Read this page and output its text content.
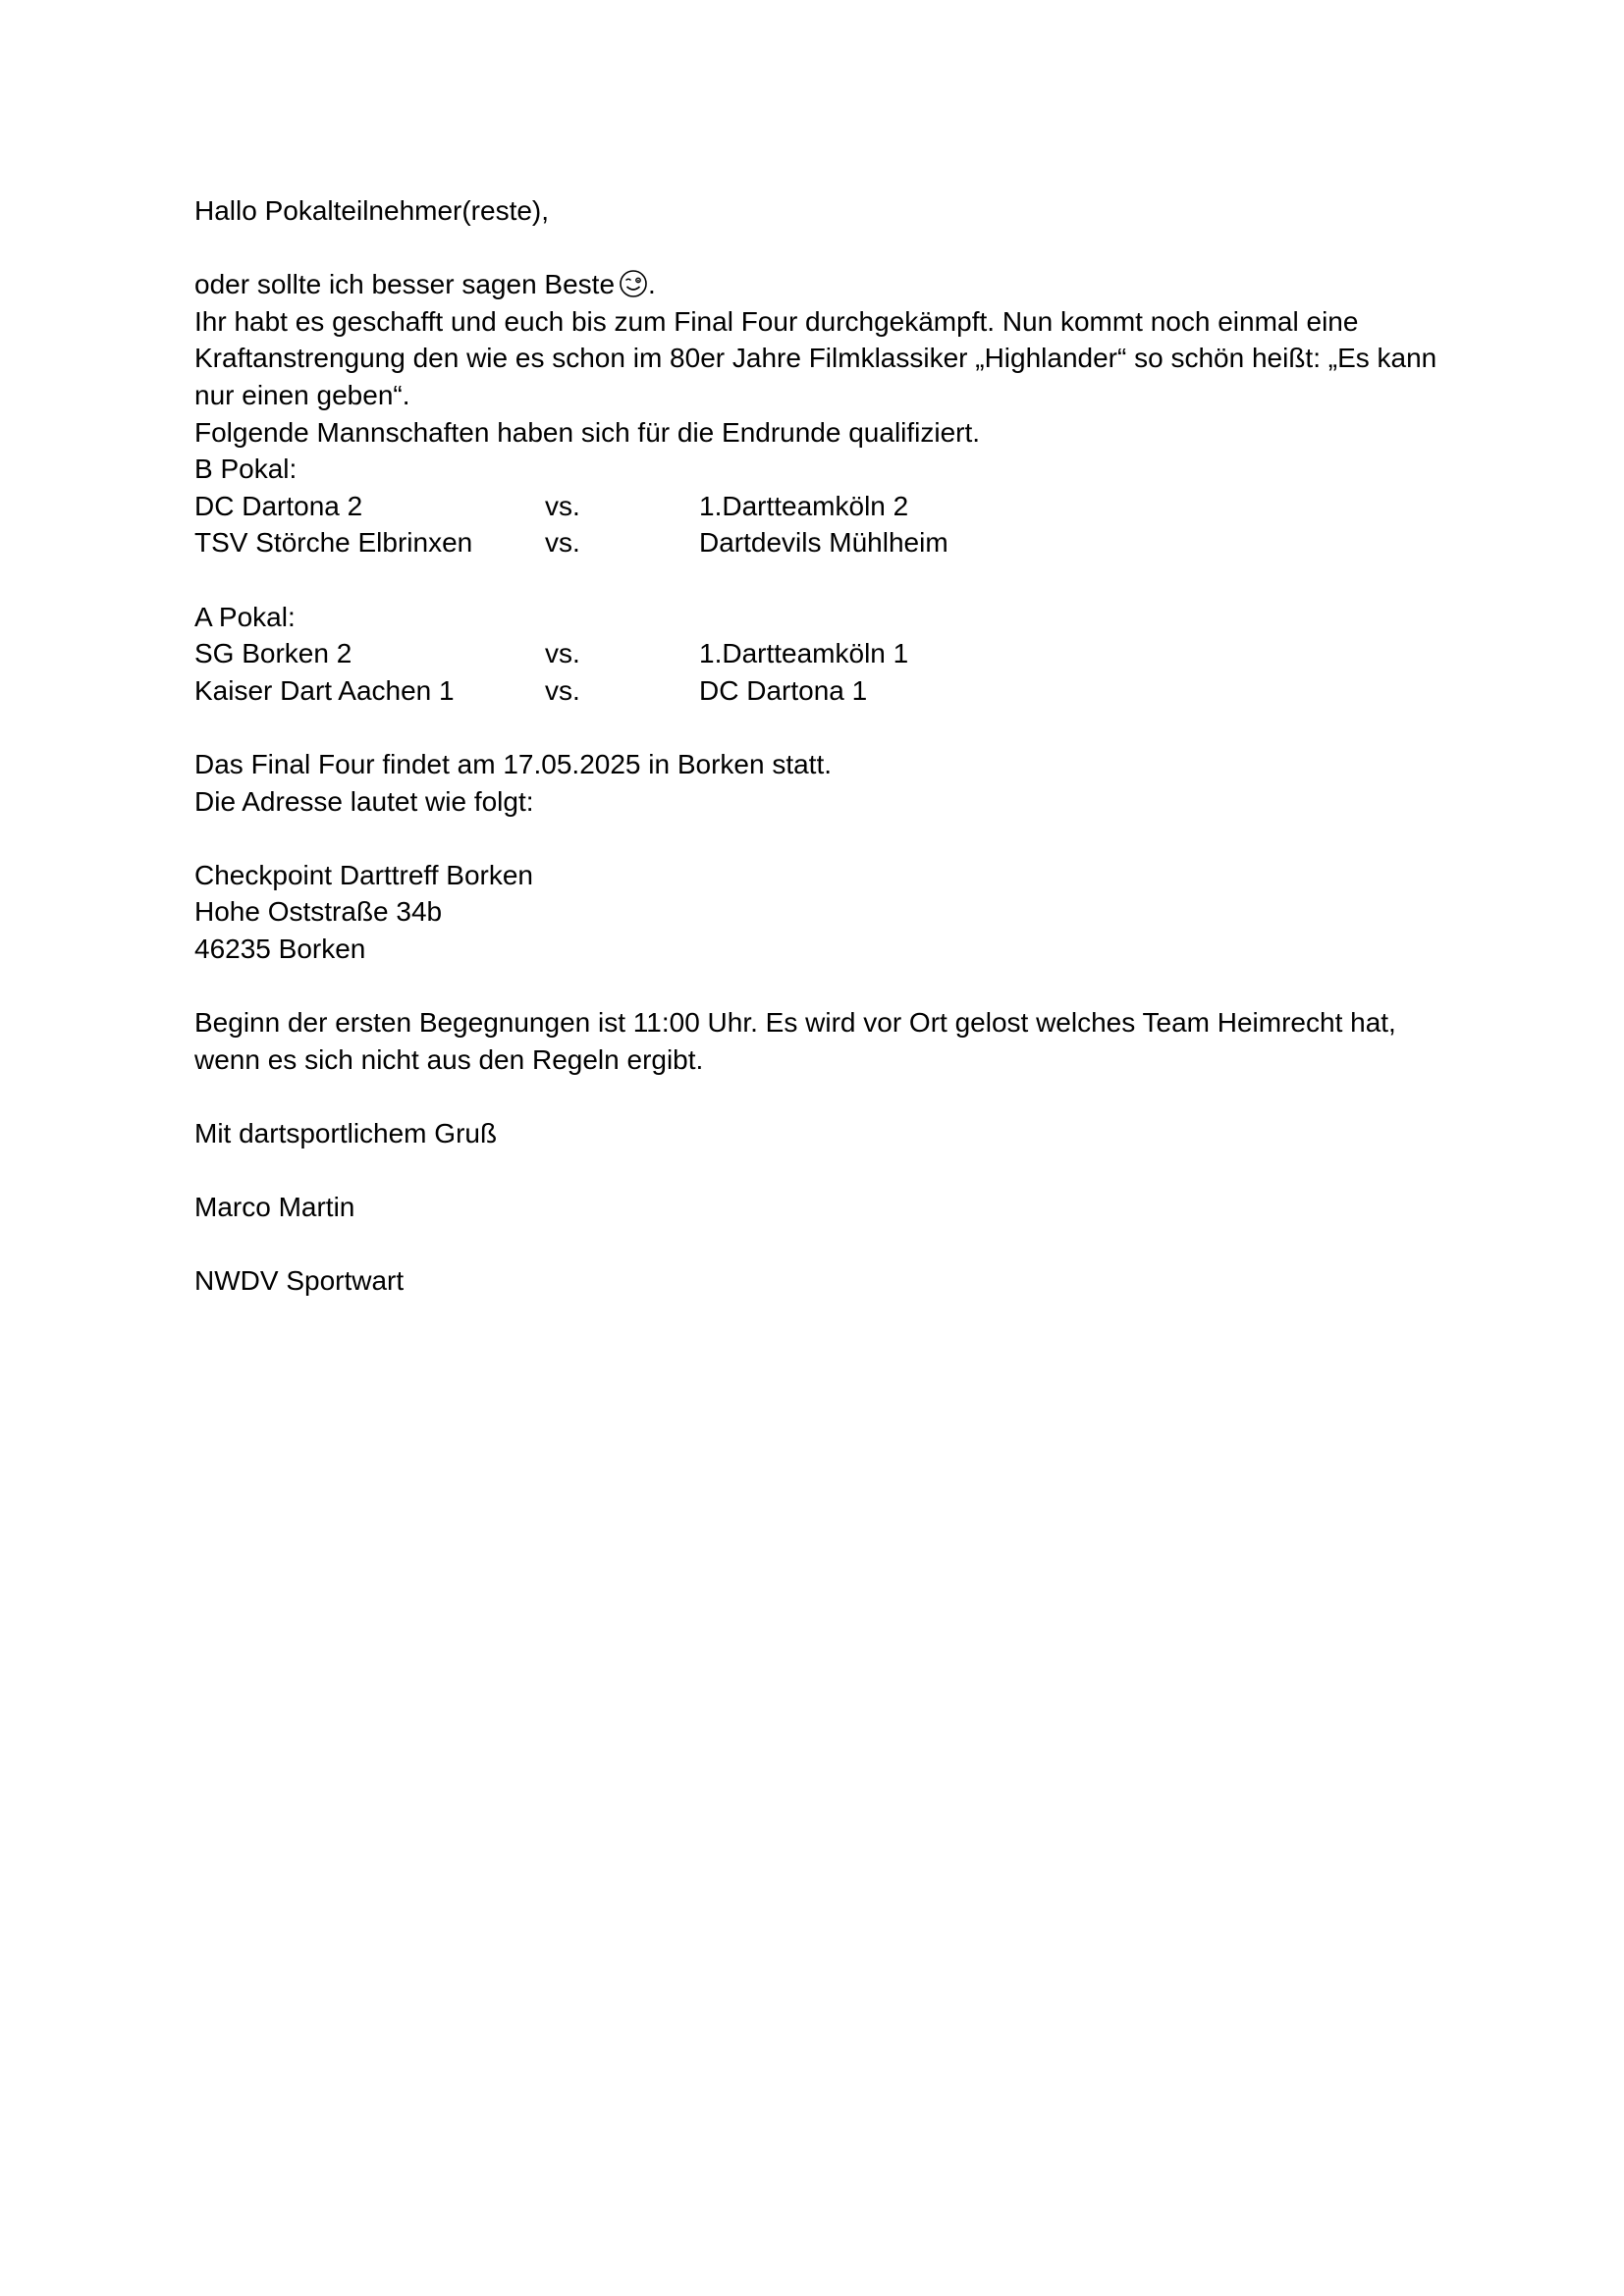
Hallo Pokalteilnehmer(reste),
oder sollte ich besser sagen Beste .
Ihr habt es geschafft und euch bis zum Final Four durchgekämpft. Nun kommt noch einmal eine Kraftanstrengung den wie es schon im 80er Jahre Filmklassiker „Highlander“ so schön heißt: „Es kann nur einen geben“.
Folgende Mannschaften haben sich für die Endrunde qualifiziert.
B Pokal:
DC Dartona 2	vs.	1.Dartteamköln 2
TSV Störche Elbrinxen	vs.	Dartdevils Mühlheim
A Pokal:
SG Borken 2	vs.	1.Dartteamköln 1
Kaiser Dart Aachen 1	vs.	DC Dartona 1
Das Final Four findet am 17.05.2025 in Borken statt.
Die Adresse lautet wie folgt:
Checkpoint Darttreff Borken
Hohe Oststraße 34b
46235 Borken
Beginn der ersten Begegnungen ist 11:00 Uhr. Es wird vor Ort gelost welches Team Heimrecht hat, wenn es sich nicht aus den Regeln ergibt.
Mit dartsportlichem Gruß
Marco Martin
NWDV Sportwart
